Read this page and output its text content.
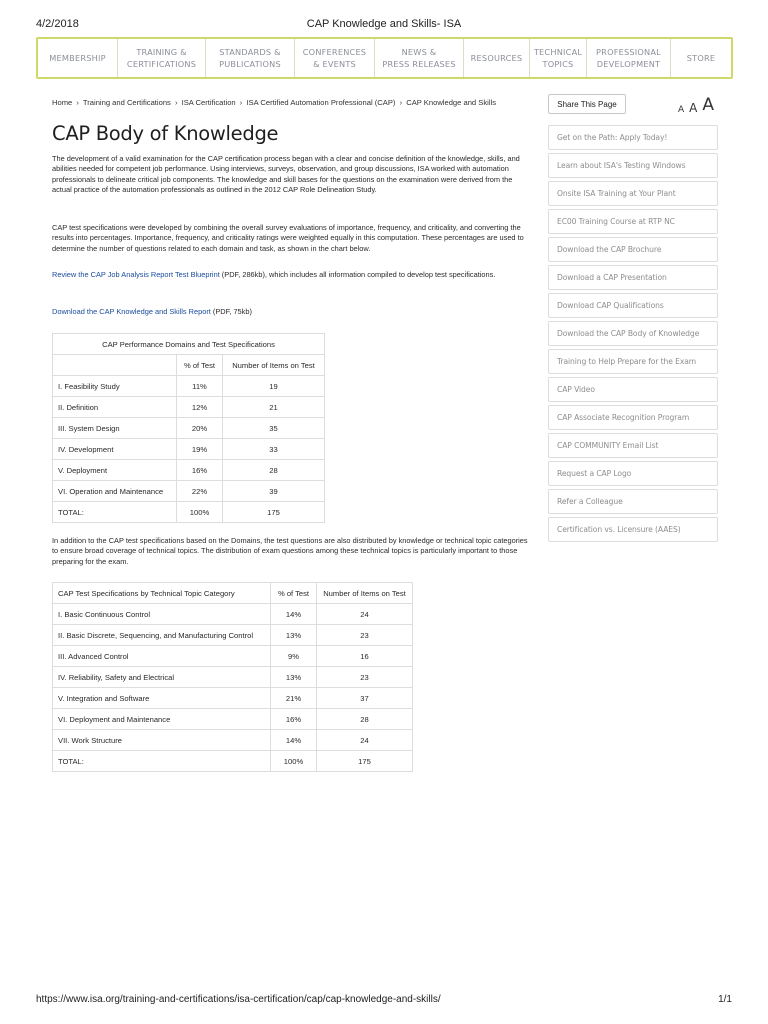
4/2/2018	CAP Knowledge and Skills- ISA
MEMBERSHIP
TRAINING &
CERTIFICATIONS
STANDARDS &
PUBLICATIONS
CONFERENCES
& EVENTS
NEWS &
PRESS RELEASES
RESOURCES
TECHNICAL
TOPICS
PROFESSIONAL
DEVELOPMENT
STORE
Home › Training and Certifications › ISA Certification › ISA Certified Automation Professional (CAP) › CAP Knowledge and Skills
CAP Body of Knowledge

The development of a valid examination for the CAP certification process began with a clear and concise definition of the knowledge, skills, and abilities needed for competent job performance. Using interviews, surveys, observation, and group discussions, ISA worked with automation professionals to delineate critical job components. The knowledge and skill bases for the questions on the examination were derived from the actual practice of the automation professionals as outlined in the 2012 CAP Role Delineation Study.

CAP test specifications were developed by combining the overall survey evaluations of importance, frequency, and criticality, and converting the results into percentages. Importance, frequency, and criticality ratings were weighted equally in this computation. These percentages are used to determine the number of questions related to each domain and task, as shown in the chart below.

Review the CAP Job Analysis Report Test Blueprint (PDF, 286kb), which includes all information compiled to develop test specifications.

Download the CAP Knowledge and Skills Report (PDF, 75kb)

CAP Performance Domains and Test Specifications		
	% of Test	Number of Items on Test
I. Feasibility Study	11%	19
II. Definition	12%	21
III. System Design	20%	35
IV. Development	19%	33
V. Deployment	16%	28
VI. Operation and Maintenance	22%	39
TOTAL:	100%	175

In addition to the CAP test specifications based on the Domains, the test questions are also distributed by knowledge or technical topic categories to ensure broad coverage of technical topics. The distribution of exam questions among these technical topics is particularly important to those preparing for the exam.

CAP Test Specifications by Technical Topic Category	% of Test	Number of Items on Test
I. Basic Continuous Control	14%	24
II. Basic Discrete, Sequencing, and Manufacturing Control	13%	23
III. Advanced Control	9%	16
IV. Reliability, Safety and Electrical	13%	23
V. Integration and Software	21%	37
VI. Deployment and Maintenance	16%	28
VII. Work Structure	14%	24
TOTAL:	100%	175
Share This Page
A A A
Get on the Path: Apply Today!
Learn about ISA's Testing Windows
Onsite ISA Training at Your Plant
EC00 Training Course at RTP NC
Download the CAP Brochure
Download a CAP Presentation
Download CAP Qualifications
Download the CAP Body of Knowledge
Training to Help Prepare for the Exam
CAP Video
CAP Associate Recognition Program
CAP COMMUNITY Email List
Request a CAP Logo
Refer a Colleague
Certification vs. Licensure (AAES)
https://www.isa.org/training-and-certifications/isa-certification/cap/cap-knowledge-and-skills/	1/1
